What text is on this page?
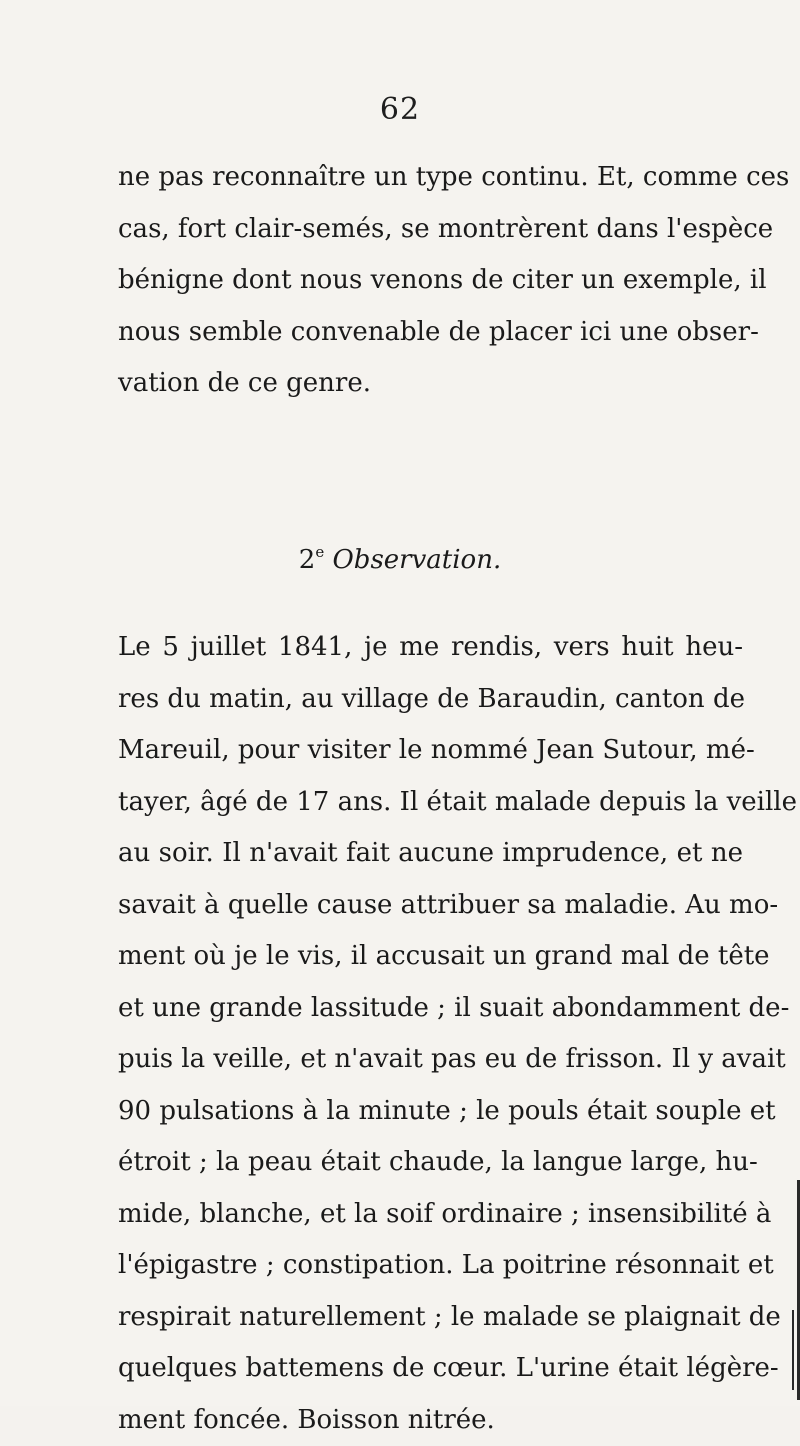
62
ne pas reconnaître un type continu. Et, comme ces
cas, fort clair-semés, se montrèrent dans l'espèce
bénigne dont nous venons de citer un exemple, il
nous semble convenable de placer ici une obser-
vation de ce genre.
2e Observation.
Le 5 juillet 1841, je me rendis, vers huit heu-
res du matin, au village de Baraudin, canton de
Mareuil, pour visiter le nommé Jean Sutour, mé-
tayer, âgé de 17 ans. Il était malade depuis la veille
au soir. Il n'avait fait aucune imprudence, et ne
savait à quelle cause attribuer sa maladie. Au mo-
ment où je le vis, il accusait un grand mal de tête
et une grande lassitude ; il suait abondamment de-
puis la veille, et n'avait pas eu de frisson. Il y avait
90 pulsations à la minute ; le pouls était souple et
étroit ; la peau était chaude, la langue large, hu-
mide, blanche, et la soif ordinaire ; insensibilité à
l'épigastre ; constipation. La poitrine résonnait et
respirait naturellement ; le malade se plaignait de
quelques battemens de cœur. L'urine était légère-
ment foncée. Boisson nitrée.
